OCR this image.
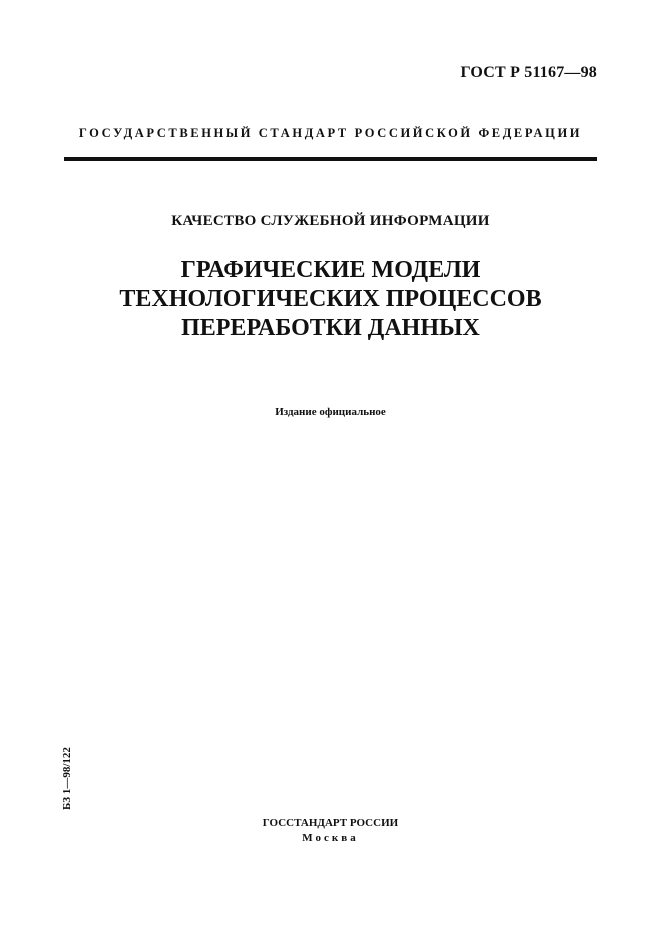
ГОСТ Р 51167—98
ГОСУДАРСТВЕННЫЙ СТАНДАРТ РОССИЙСКОЙ ФЕДЕРАЦИИ
КАЧЕСТВО СЛУЖЕБНОЙ ИНФОРМАЦИИ
ГРАФИЧЕСКИЕ МОДЕЛИ
ТЕХНОЛОГИЧЕСКИХ ПРОЦЕССОВ
ПЕРЕРАБОТКИ ДАННЫХ
Издание официальное
БЗ 1—98/122
ГОССТАНДАРТ РОССИИ
Москва
